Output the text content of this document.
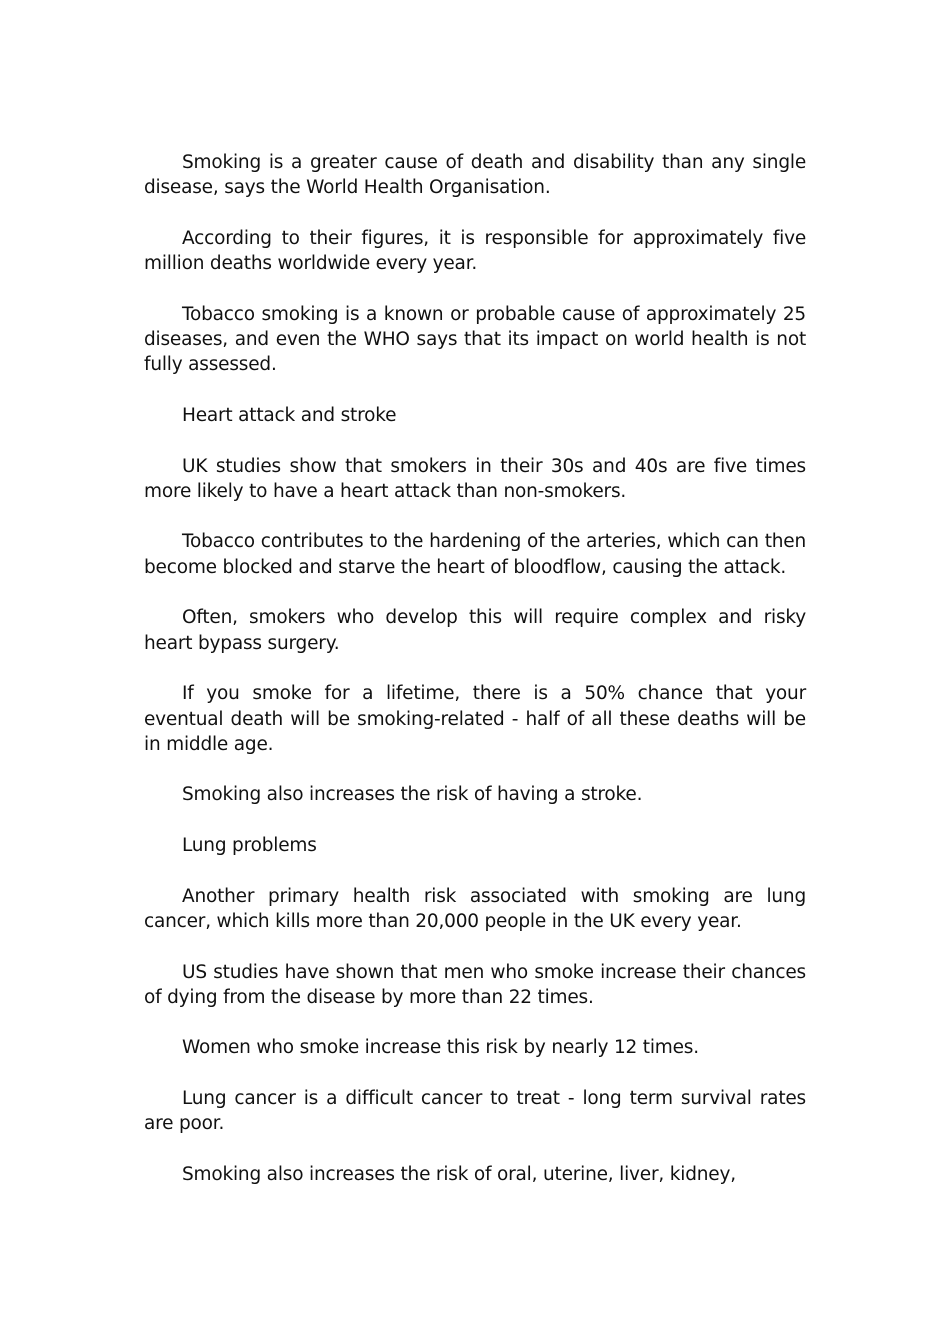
Smoking is a greater cause of death and disability than any single disease, says the World Health Organisation.

According to their figures, it is responsible for approximately five million deaths worldwide every year.

Tobacco smoking is a known or probable cause of approximately 25 diseases, and even the WHO says that its impact on world health is not fully assessed.

Heart attack and stroke

UK studies show that smokers in their 30s and 40s are five times more likely to have a heart attack than non-smokers.

Tobacco contributes to the hardening of the arteries, which can then become blocked and starve the heart of bloodflow, causing the attack.

Often, smokers who develop this will require complex and risky heart bypass surgery.

If you smoke for a lifetime, there is a 50% chance that your eventual death will be smoking-related - half of all these deaths will be in middle age.

Smoking also increases the risk of having a stroke.

Lung problems

Another primary health risk associated with smoking are lung cancer, which kills more than 20,000 people in the UK every year.

US studies have shown that men who smoke increase their chances of dying from the disease by more than 22 times.

Women who smoke increase this risk by nearly 12 times.

Lung cancer is a difficult cancer to treat - long term survival rates are poor.

Smoking also increases the risk of oral, uterine, liver, kidney,
